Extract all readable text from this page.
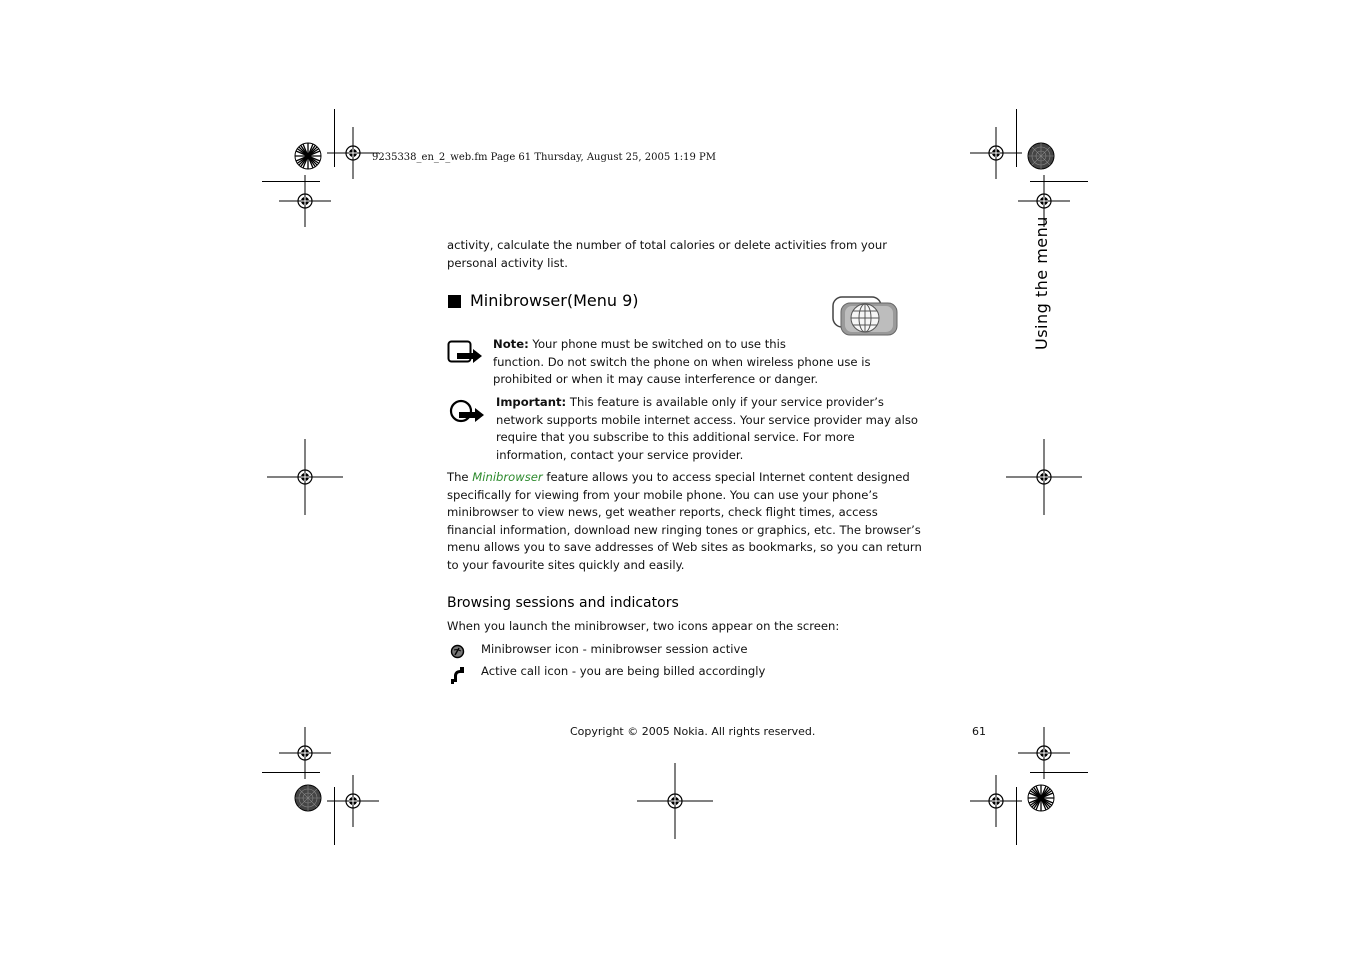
9235338_en_2_web.fm Page 61 Thursday, August 25, 2005 1:19 PM
Using the menu
activity, calculate the number of total calories or delete activities from your
personal activity list.
Minibrowser(Menu 9)
Note: Your phone must be switched on to use this
function. Do not switch the phone on when wireless phone use is
prohibited or when it may cause interference or danger.
Important: This feature is available only if your service provider’s
network supports mobile internet access. Your service provider may also
require that you subscribe to this additional service. For more
information, contact your service provider.
The Minibrowser feature allows you to access special Internet content designed
specifically for viewing from your mobile phone. You can use your phone’s
minibrowser to view news, get weather reports, check flight times, access
financial information, download new ringing tones or graphics, etc. The browser’s
menu allows you to save addresses of Web sites as bookmarks, so you can return
to your favourite sites quickly and easily.
Browsing sessions and indicators
When you launch the minibrowser, two icons appear on the screen:
Minibrowser icon - minibrowser session active
Active call icon - you are being billed accordingly
Copyright © 2005 Nokia. All rights reserved.	61
